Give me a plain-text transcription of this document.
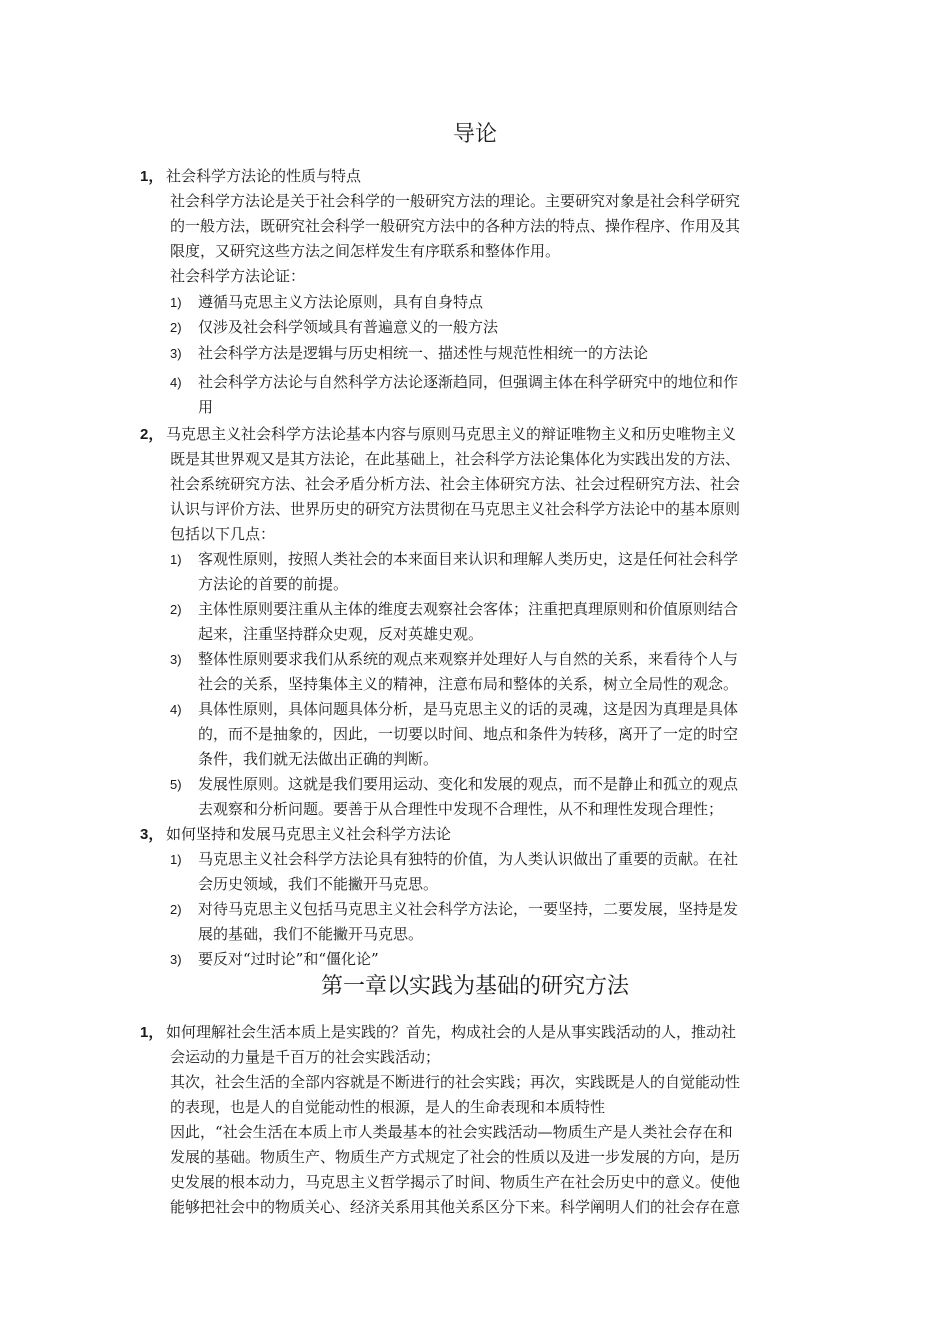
导论
1， 社会科学方法论的性质与特点
社会科学方法论是关于社会科学的一般研究方法的理论。主要研究对象是社会科学研究
的一般方法，既研究社会科学一般研究方法中的各种方法的特点、操作程序、作用及其
限度，又研究这些方法之间怎样发生有序联系和整体作用。
社会科学方法论证：
1) 遵循马克思主义方法论原则，具有自身特点
2) 仅涉及社会科学领域具有普遍意义的一般方法
3) 社会科学方法是逻辑与历史相统一、描述性与规范性相统一的方法论
4) 社会科学方法论与自然科学方法论逐渐趋同，但强调主体在科学研究中的地位和作
用
2， 马克思主义社会科学方法论基本内容与原则马克思主义的辩证唯物主义和历史唯物主义
既是其世界观又是其方法论，在此基础上，社会科学方法论集体化为实践出发的方法、
社会系统研究方法、社会矛盾分析方法、社会主体研究方法、社会过程研究方法、社会
认识与评价方法、世界历史的研究方法贯彻在马克思主义社会科学方法论中的基本原则
包括以下几点：
1) 客观性原则，按照人类社会的本来面目来认识和理解人类历史，这是任何社会科学
方法论的首要的前提。
2) 主体性原则要注重从主体的维度去观察社会客体；注重把真理原则和价值原则结合
起来，注重坚持群众史观，反对英雄史观。
3) 整体性原则要求我们从系统的观点来观察并处理好人与自然的关系，来看待个人与
社会的关系，坚持集体主义的精神，注意布局和整体的关系，树立全局性的观念。
4) 具体性原则，具体问题具体分析，是马克思主义的话的灵魂，这是因为真理是具体
的，而不是抽象的，因此，一切要以时间、地点和条件为转移，离开了一定的时空
条件，我们就无法做出正确的判断。
5) 发展性原则。这就是我们要用运动、变化和发展的观点，而不是静止和孤立的观点
去观察和分析问题。要善于从合理性中发现不合理性，从不和理性发现合理性；
3， 如何坚持和发展马克思主义社会科学方法论
1) 马克思主义社会科学方法论具有独特的价值，为人类认识做出了重要的贡献。在社
会历史领域，我们不能撇开马克思。
2) 对待马克思主义包括马克思主义社会科学方法论，一要坚持，二要发展，坚持是发
展的基础，我们不能撇开马克思。
3) 要反对“过时论”和“僵化论”
第一章以实践为基础的研究方法
1， 如何理解社会生活本质上是实践的？首先，构成社会的人是从事实践活动的人，推动社
会运动的力量是千百万的社会实践活动；
其次，社会生活的全部内容就是不断进行的社会实践；再次，实践既是人的自觉能动性
的表现，也是人的自觉能动性的根源，是人的生命表现和本质特性
因此，“社会生活在本质上市人类最基本的社会实践活动—物质生产是人类社会存在和
发展的基础。物质生产、物质生产方式规定了社会的性质以及进一步发展的方向，是历
史发展的根本动力，马克思主义哲学揭示了时间、物质生产在社会历史中的意义。使他
能够把社会中的物质关心、经济关系用其他关系区分下来。科学阐明人们的社会存在意
